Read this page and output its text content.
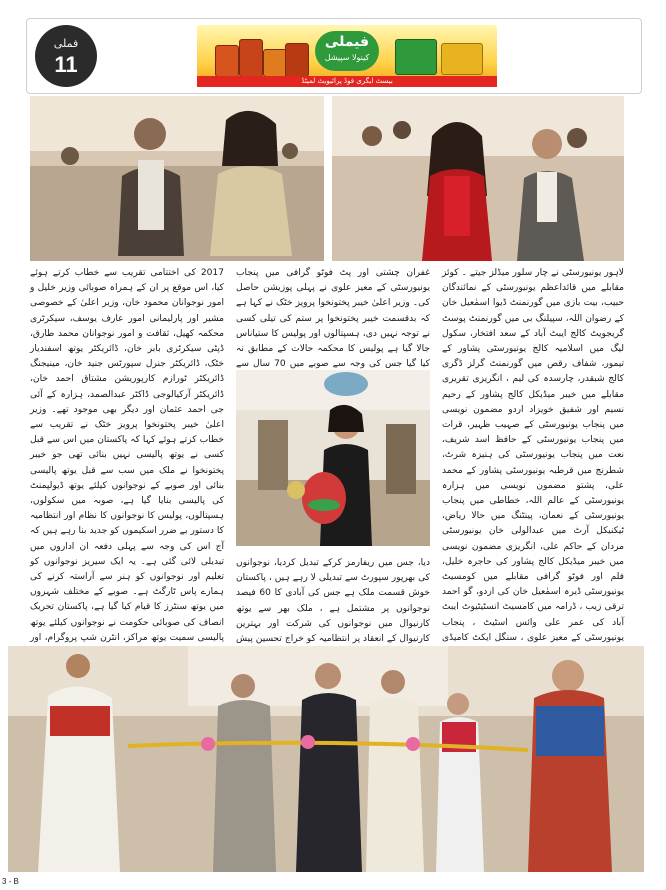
ﻓﻤﻠﯽ
11
فیملی
کینولا سپیشل
بیسٹ ایگری فوڈ پرائیویٹ لمیٹڈ

لاہور یونیورسٹی نے چار سلور میڈلز جیتے ۔ کوئز مقابلے میں قائداعظم یونیورسٹی کے نمائندگان حبیب، بیت بازی میں گورنمنٹ ڈیوا اسمٰعیل خان کے رضوان اللہ، سپیلنگ بی میں گورنمنٹ پوسٹ گریجویٹ کالج ایبٹ آباد کے سعد افتخار، سکول لیگ میں اسلامیہ کالج یونیورسٹی پشاور کے تیمور، شفاف رقص میں گورنمنٹ گرلز ڈگری کالج شبقدر، چارسدہ کی لیم ، انگریزی تقریری مقابلے میں خیبر میڈیکل کالج پشاور کے رحیم نسیم اور شفیق خویزاد اردو مضمون نویسی میں پنجاب یونیورسٹی کے صہیب ظہیر، قرات میں پنجاب یونیورسٹی کے حافظ اسد شریف، نعت میں پنجاب یونیورسٹی کی ہنیزہ شرٹ، شطرنج میں قرطبہ یونیورسٹی پشاور کے محمد علی، پشتو مضمون نویسی میں ہزارہ یونیورسٹی کے عالم اللہ، خطاطی میں پنجاب یونیورسٹی کے نعمان، پینٹنگ میں حالا ریاض، ٹیکنیکل آرٹ میں عبدالولی خان یونیورسٹی مردان کے حاکم علی، انگریزی مضمون نویسی میں خیبر میڈیکل کالج پشاور کی حاجرہ خلیل، فلم اور فوٹو گرافی مقابلے میں کومسیٹ یونیورسٹی ڈیرہ اسمٰعیل خان کی اردو، گو احمد ترقی زیب ، ڈرامہ میں کامسیٹ انسٹیٹیوٹ ایبٹ آباد کی عمر علی وائس اسٹیٹ ، پنجاب یونیورسٹی کے معیز علوی ، سنگل ایکٹ کامیڈی

غفران چشتی اور پٹ فوٹو گرافی میں پنجاب یونیورسٹی کے معیز علوی نے پہلی پوزیشن حاصل کی۔ وزیر اعلیٰ خیبر پختونخوا پرویز خٹک نے کہا ہے کہ بدقسمت خیبر پختونخوا پر ستم کی تیلی کسی نے توجہ نہیں دی، ہسپتالوں اور پولیس کا ستیاناس جالا گیا ہے پولیس کا محکمہ حالات کے مطابق نہ کیا گیا جس کی وجہ سے صوبے میں 70 سال سے

دیا، جس میں ریفارمز کرکے تبدیل کردیا، نوجوانوں کی بھرپور سپورٹ سے تبدیلی لا رہے ہیں ، پاکستان خوش قسمت ملک ہے جس کی آبادی کا 60 فیصد نوجوانوں پر مشتمل ہے ، ملک بھر سے یوتھ کارنیوال میں نوجوانوں کی شرکت اور بہترین کارنیوال کے انعقاد پر انتظامیہ کو خراج تحسین پیش

2017 کی اختتامی تقریب سے خطاب کرتے ہوئے کیا، اس موقع پر ان کے ہمراہ صوبائی وزیر خلیل و امور نوجوانان محمود خان، وزیر اعلیٰ کے خصوصی مشیر اور پارلیمانی امور عارف یوسف، سیکرٹری محکمہ کھیل، ثقافت و امور نوجوانان محمد طارق، ڈپٹی سیکرٹری بابر خان، ڈائریکٹر یوتھ اسفندیار خٹک، ڈائریکٹر جنرل سپورٹس جنید خان، مینیجنگ ڈائریکٹر ٹورازم کارپوریشن مشتاق احمد خان، ڈائریکٹر آرکیالوجی ڈاکٹر عبدالصمد، ہزارہ کے آئی جی احمد عثمان اور دیگر بھی موجود تھے۔ وزیر اعلیٰ خیبر پختونخوا پرویز خٹک نے تقریب سے خطاب کرتے ہوئے کہا کہ پاکستان میں اس سے قبل کسی نے یوتھ پالیسی نہیں بنائی تھی جو خیبر پختونخوا نے ملک میں سب سے قبل یوتھ پالیسی بنائی اور صوبے کے نوجوانوں کیلئے یوتھ ڈیولپمنٹ کی پالیسی بنایا گیا ہے، صوبہ میں سکولوں، ہسپتالوں، پولیس کا نوجوانوں کا نظام اور انتظامیہ کا دستور بے ضرر اسکیموں کو جدید بنا رہے ہیں کہ آج اس کی وجہ سے پہلی دفعہ ان اداروں میں تبدیلی لائی گئی ہے۔ یہ ایک سیریز نوجوانوں کو تعلیم اور نوجوانوں کو ہنر سے آراستہ کرنے کی ہمارے پاس ٹارگٹ ہے۔ صوبے کے مختلف شہروں میں یوتھ سنٹرز کا قیام کیا گیا ہے، پاکستان تحریک انصاف کی صوبائی حکومت نے نوجوانوں کیلئے یوتھ پالیسی سمیت یوتھ مراکز، انٹرن شپ پروگرام، اور

3 - B
